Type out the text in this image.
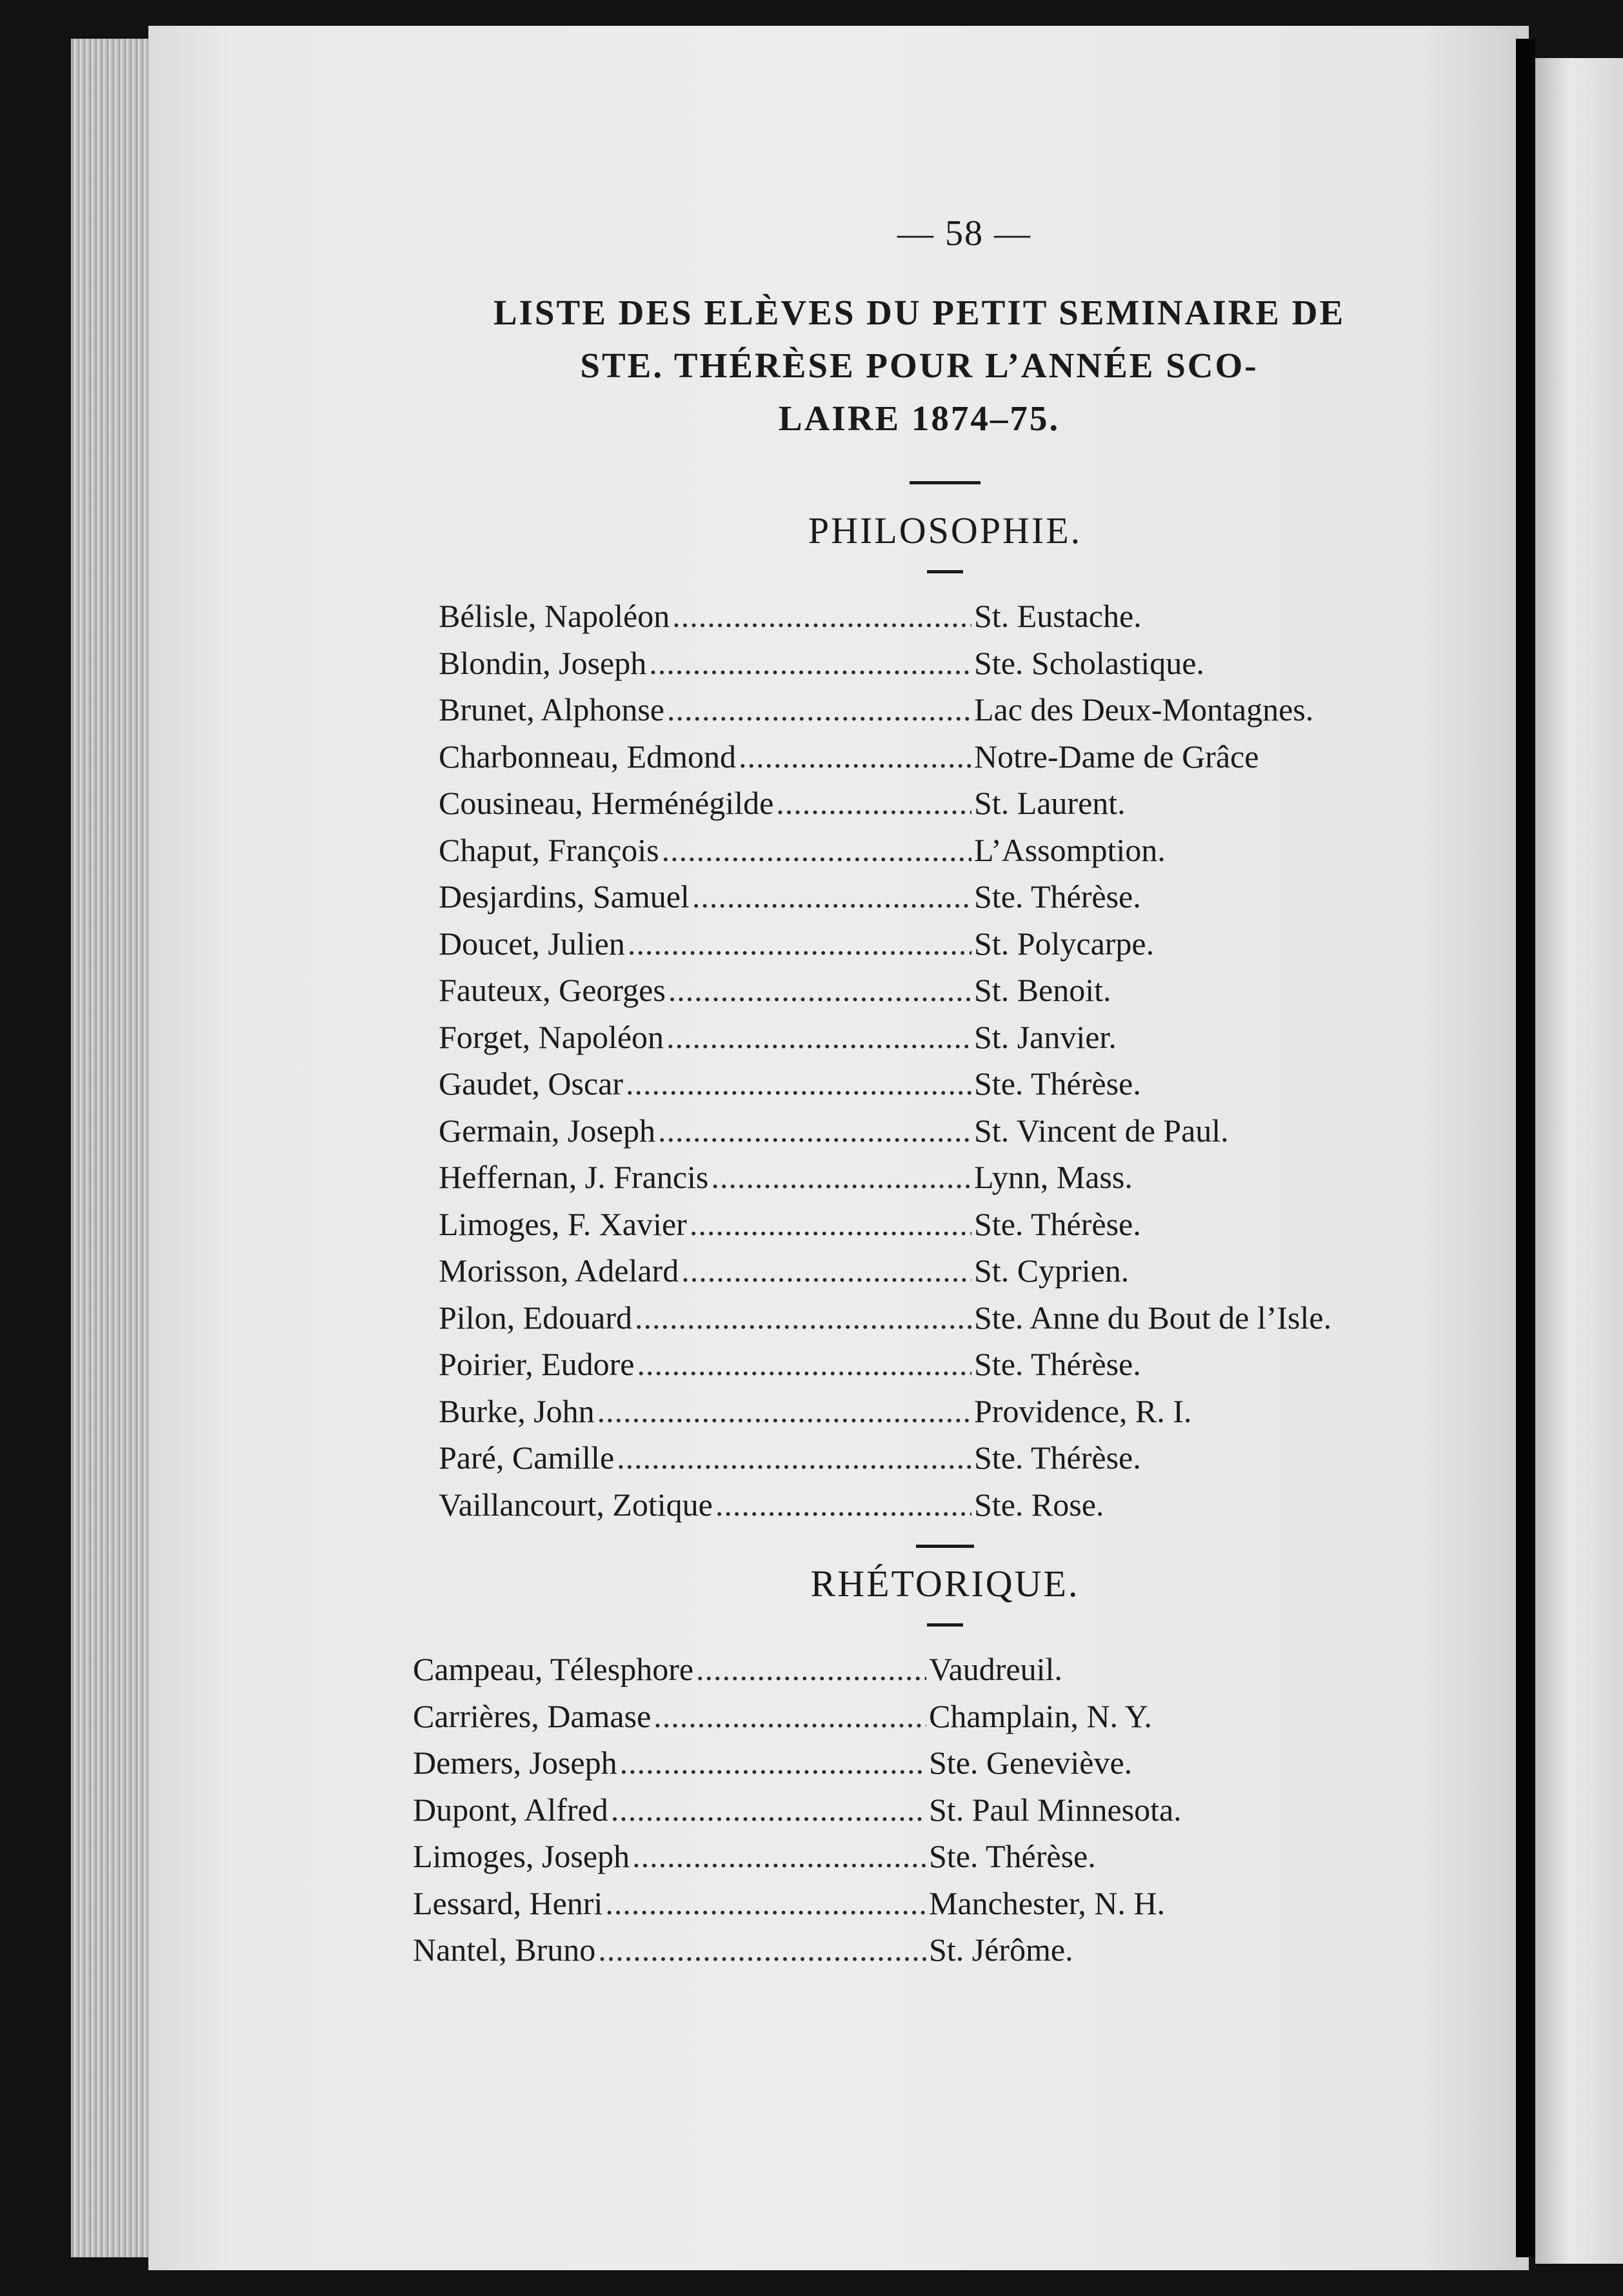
— 58 —
LISTE DES ELÈVES DU PETIT SEMINAIRE DE
STE. THÉRÈSE POUR L’ANNÉE SCO-
LAIRE 1874–75.
PHILOSOPHIE.
Bélisle, Napoléon .....	St. Eustache.
Blondin, Joseph .....	Ste. Scholastique.
Brunet, Alphonse .....	Lac des Deux-Montagnes.
Charbonneau, Edmond .....	Notre-Dame de Grâce
Cousineau, Herménégilde .....	St. Laurent.
Chaput, François .....	L’Assomption.
Desjardins, Samuel .....	Ste. Thérèse.
Doucet, Julien .....	St. Polycarpe.
Fauteux, Georges .....	St. Benoit.
Forget, Napoléon .....	St. Janvier.
Gaudet, Oscar .....	Ste. Thérèse.
Germain, Joseph .....	St. Vincent de Paul.
Heffernan, J. Francis .....	Lynn, Mass.
Limoges, F. Xavier .....	Ste. Thérèse.
Morisson, Adelard .....	St. Cyprien.
Pilon, Edouard .....	Ste. Anne du Bout de l’Isle.
Poirier, Eudore .....	Ste. Thérèse.
Burke, John .....	Providence, R. I.
Paré, Camille .....	Ste. Thérèse.
Vaillancourt, Zotique .....	Ste. Rose.
RHÉTORIQUE.
Campeau, Télesphore .....	Vaudreuil.
Carrières, Damase .....	Champlain, N. Y.
Demers, Joseph .....	Ste. Geneviève.
Dupont, Alfred .....	St. Paul Minnesota.
Limoges, Joseph .....	Ste. Thérèse.
Lessard, Henri .....	Manchester, N. H.
Nantel, Bruno .....	St. Jérôme.
